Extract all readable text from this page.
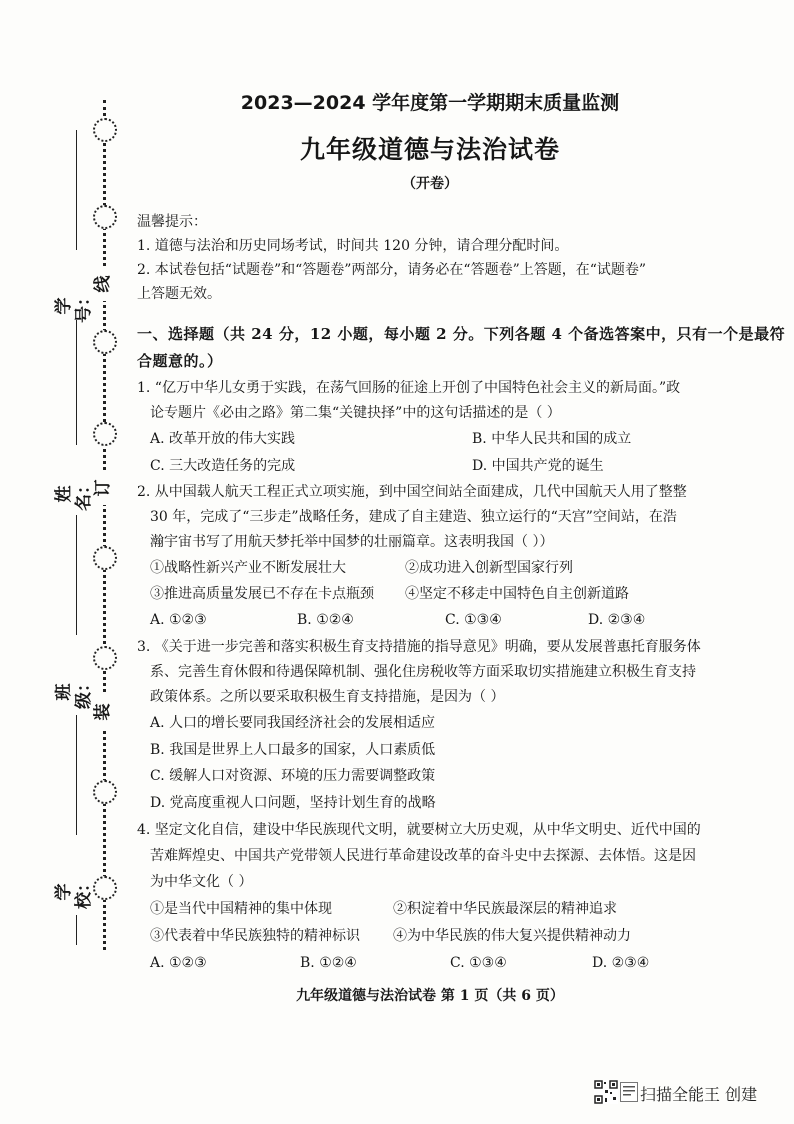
线
订
装
学号：
姓名：
班级：
学校：
2023—2024 学年度第一学期期末质量监测
九年级道德与法治试卷
（开卷）
温馨提示：
1. 道德与法治和历史同场考试，时间共 120 分钟，请合理分配时间。
2. 本试卷包括“试题卷”和“答题卷”两部分，请务必在“答题卷”上答题，在“试题卷”
上答题无效。
一、选择题（共 24 分，12 小题，每小题 2 分。下列各题 4 个备选答案中，只有一个是最符
合题意的。）
1. “亿万中华儿女勇于实践，在荡气回肠的征途上开创了中国特色社会主义的新局面。”政
论专题片《必由之路》第二集“关键抉择”中的这句话描述的是（ ）
A. 改革开放的伟大实践	B. 中华人民共和国的成立
C. 三大改造任务的完成	D. 中国共产党的诞生
2. 从中国载人航天工程正式立项实施，到中国空间站全面建成，几代中国航天人用了整整
30 年，完成了“三步走”战略任务，建成了自主建造、独立运行的“天宫”空间站，在浩
瀚宇宙书写了用航天梦托举中国梦的壮丽篇章。这表明我国（ ））
①战略性新兴产业不断发展壮大	②成功进入创新型国家行列
③推进高质量发展已不存在卡点瓶颈 ④坚定不移走中国特色自主创新道路
A. ①②③	B. ①②④	C. ①③④	D. ②③④
3. 《关于进一步完善和落实积极生育支持措施的指导意见》明确，要从发展普惠托育服务体
系、完善生育休假和待遇保障机制、强化住房税收等方面采取切实措施建立积极生育支持
政策体系。之所以要采取积极生育支持措施，是因为（ ）
A. 人口的增长要同我国经济社会的发展相适应
B. 我国是世界上人口最多的国家，人口素质低
C. 缓解人口对资源、环境的压力需要调整政策
D. 党高度重视人口问题，坚持计划生育的战略
4. 坚定文化自信，建设中华民族现代文明，就要树立大历史观，从中华文明史、近代中国的
苦难辉煌史、中国共产党带领人民进行革命建设改革的奋斗史中去探源、去体悟。这是因
为中华文化（ ）
①是当代中国精神的集中体现	②积淀着中华民族最深层的精神追求
③代表着中华民族独特的精神标识 ④为中华民族的伟大复兴提供精神动力
A. ①②③	B. ①②④	C. ①③④	D. ②③④
九年级道德与法治试卷 第 1 页（共 6 页）
扫描全能王 创建
